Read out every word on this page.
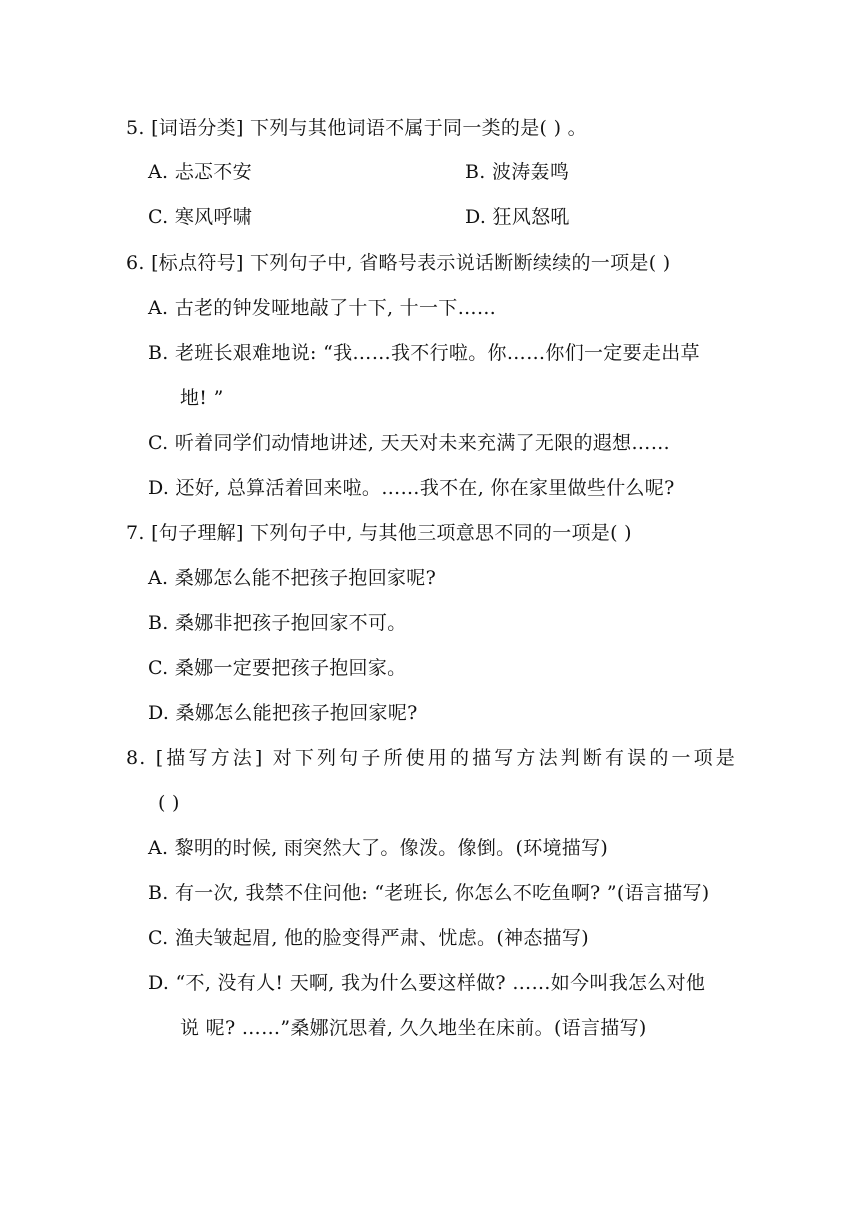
5. [词语分类] 下列与其他词语不属于同一类的是( ) 。
A. 忐忑不安	B. 波涛轰鸣
C. 寒风呼啸	D. 狂风怒吼
6. [标点符号] 下列句子中, 省略号表示说话断断续续的一项是( )
A. 古老的钟发哑地敲了十下, 十一下……
B. 老班长艰难地说: “我……我不行啦。你……你们一定要走出草
地! ”
C. 听着同学们动情地讲述, 天天对未来充满了无限的遐想……
D. 还好, 总算活着回来啦。……我不在, 你在家里做些什么呢?
7. [句子理解] 下列句子中, 与其他三项意思不同的一项是( )
A. 桑娜怎么能不把孩子抱回家呢?
B. 桑娜非把孩子抱回家不可。
C. 桑娜一定要把孩子抱回家。
D. 桑娜怎么能把孩子抱回家呢?
8. [描写方法] 对下列句子所使用的描写方法判断有误的一项是
( )
A. 黎明的时候, 雨突然大了。像泼。像倒。(环境描写)
B. 有一次, 我禁不住问他: “老班长, 你怎么不吃鱼啊? ”(语言描写)
C. 渔夫皱起眉, 他的脸变得严肃、忧虑。(神态描写)
D. “不, 没有人! 天啊, 我为什么要这样做? ……如今叫我怎么对他
说 呢? ……”桑娜沉思着, 久久地坐在床前。(语言描写)
